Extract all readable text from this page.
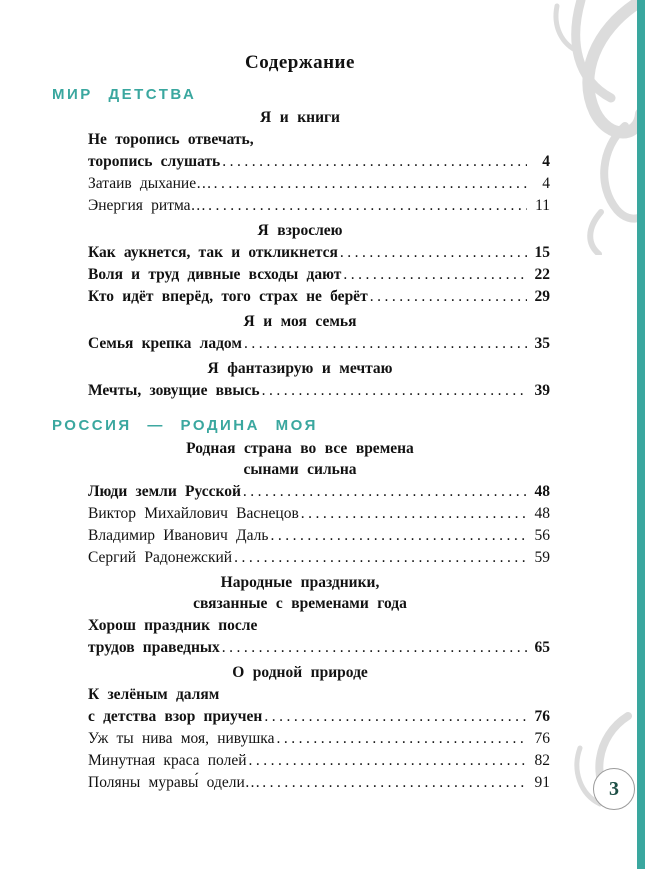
3
Содержание
МИР ДЕТСТВА
Я и книги
Не торопись отвечать,
торопись слушать .....	4
Затаив дыхание… .....	4
Энергия ритма… .....	11
Я взрослею
Как аукнется, так и откликнется .....	15
Воля и труд дивные всходы дают .....	22
Кто идёт вперёд, того страх не берёт .....	29
Я и моя семья
Семья крепка ладом .....	35
Я фантазирую и мечтаю
Мечты, зовущие ввысь .....	39
РОССИЯ — РОДИНА МОЯ
Родная страна во все времена
сынами сильна
Люди земли Русской .....	48
Виктор Михайлович Васнецов .....	48
Владимир Иванович Даль .....	56
Сергий Радонежский .....	59
Народные праздники,
связанные с временами года
Хорош праздник после
трудов праведных .....	65
О родной природе
К зелёным далям
с детства взор приучен .....	76
Уж ты нива моя, нивушка .....	76
Минутная краса полей .....	82
Поляны муравы́ одели… .....	91
